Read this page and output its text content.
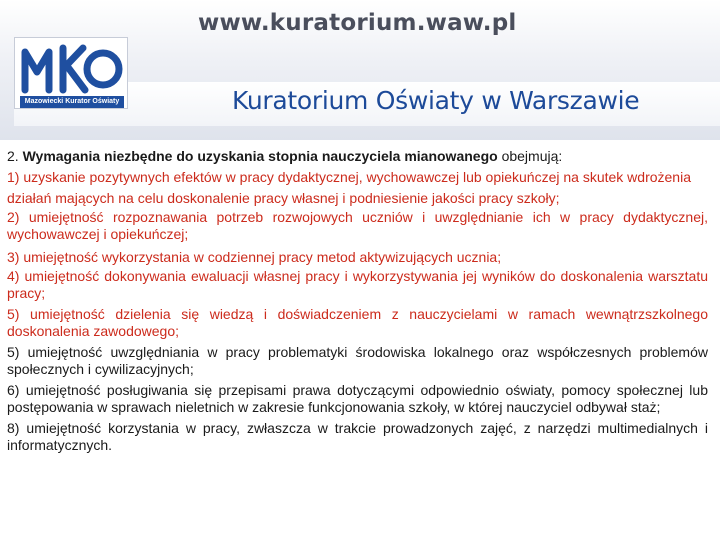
www.kuratorium.waw.pl
Mazowiecki Kurator Oświaty	Kuratorium Oświaty w Warszawie

2. Wymagania niezbędne do uzyskania stopnia nauczyciela mianowanego obejmują:

1) uzyskanie pozytywnych efektów w pracy dydaktycznej, wychowawczej lub opiekuńczej na skutek wdrożenia działań mających na celu doskonalenie pracy własnej i podniesienie jakości pracy szkoły;

2) umiejętność rozpoznawania potrzeb rozwojowych uczniów i uwzględnianie ich w pracy dydaktycznej, wychowawczej i opiekuńczej;

3) umiejętność wykorzystania w codziennej pracy metod aktywizujących ucznia;

4) umiejętność dokonywania ewaluacji własnej pracy i wykorzystywania jej wyników do doskonalenia warsztatu pracy;

5) umiejętność dzielenia się wiedzą i doświadczeniem z nauczycielami w ramach wewnątrzszkolnego doskonalenia zawodowego;

5) umiejętność uwzględniania w pracy problematyki środowiska lokalnego oraz współczesnych problemów społecznych i cywilizacyjnych;

6) umiejętność posługiwania się przepisami prawa dotyczącymi odpowiednio oświaty, pomocy społecznej lub postępowania w sprawach nieletnich w zakresie funkcjonowania szkoły, w której nauczyciel odbywał staż;

8) umiejętność korzystania w pracy, zwłaszcza w trakcie prowadzonych zajęć, z narzędzi multimedialnych i informatycznych.
